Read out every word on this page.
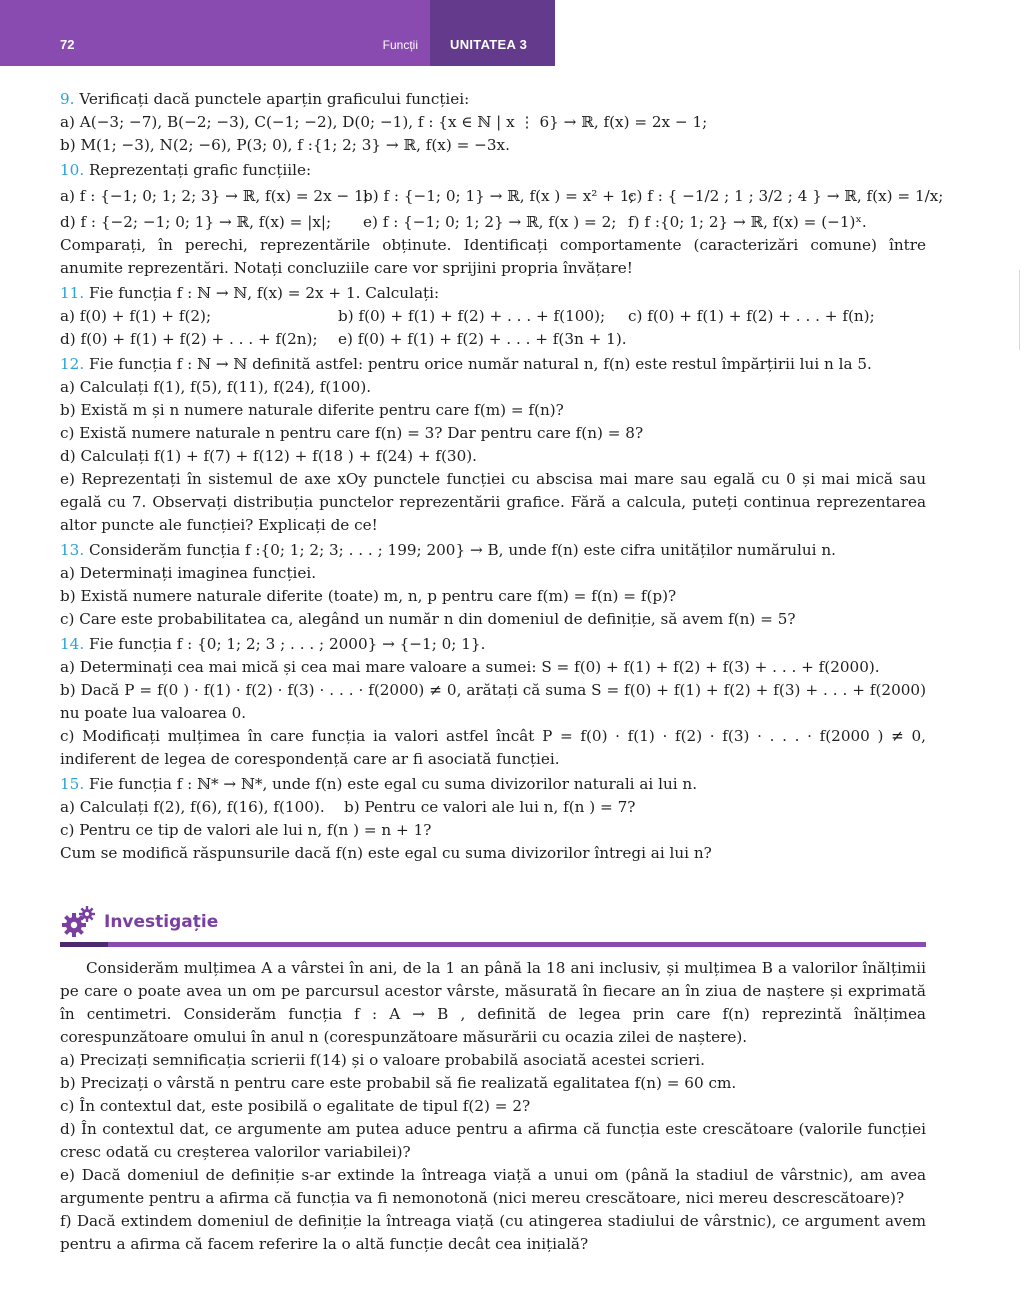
72	Funcții UNITATEA 3

9. Verificați dacă punctele aparțin graficului funcției:

a) A(−3; −7), B(−2; −3), C(−1; −2), D(0; −1), f : {x ∈ ℕ | x ⋮ 6} → ℝ, f(x) = 2x − 1;

b) M(1; −3), N(2; −6), P(3; 0), f :{1; 2; 3} → ℝ, f(x) = −3x.

10. Reprezentați grafic funcțiile:

a) f : {−1; 0; 1; 2; 3} → ℝ, f(x) = 2x − 1;
b) f : {−1; 0; 1} → ℝ, f(x ) = x² + 1;
c) f : { −1/2 ; 1 ; 3/2 ; 4 } → ℝ, f(x) = 1/x;
d) f : {−2; −1; 0; 1} → ℝ, f(x) = |x|;	e) f : {−1; 0; 1; 2} → ℝ, f(x ) = 2; f) f :{0; 1; 2} → ℝ, f(x) = (−1)ˣ.

Comparați, în perechi, reprezentările obținute. Identificați comportamente (caracterizări comune) între anumite reprezentări. Notați concluziile care vor sprijini propria învățare!

11. Fie funcția f : ℕ → ℕ, f(x) = 2x + 1. Calculați:

a) f(0) + f(1) + f(2);	b) f(0) + f(1) + f(2) + . . . + f(100);	c) f(0) + f(1) + f(2) + . . . + f(n);
d) f(0) + f(1) + f(2) + . . . + f(2n);	e) f(0) + f(1) + f(2) + . . . + f(3n + 1).

12. Fie funcția f : ℕ → ℕ definită astfel: pentru orice număr natural n, f(n) este restul împărțirii lui n la 5.

a) Calculați f(1), f(5), f(11), f(24), f(100).

b) Există m și n numere naturale diferite pentru care f(m) = f(n)?

c) Există numere naturale n pentru care f(n) = 3? Dar pentru care f(n) = 8?

d) Calculați f(1) + f(7) + f(12) + f(18 ) + f(24) + f(30).

e) Reprezentați în sistemul de axe xOy punctele funcției cu abscisa mai mare sau egală cu 0 și mai mică sau egală cu 7. Observați distribuția punctelor reprezentării grafice. Fără a calcula, puteți continua reprezentarea altor puncte ale funcției? Explicați de ce!

13. Considerăm funcția f :{0; 1; 2; 3; . . . ; 199; 200} → B, unde f(n) este cifra unităților numărului n.

a) Determinați imaginea funcției.

b) Există numere naturale diferite (toate) m, n, p pentru care f(m) = f(n) = f(p)?

c) Care este probabilitatea ca, alegând un număr n din domeniul de definiție, să avem f(n) = 5?

14. Fie funcția f : {0; 1; 2; 3 ; . . . ; 2000} → {−1; 0; 1}.

a) Determinați cea mai mică și cea mai mare valoare a sumei: S = f(0) + f(1) + f(2) + f(3) + . . . + f(2000).

b) Dacă P = f(0 ) · f(1) · f(2) · f(3) · . . . · f(2000) ≠ 0, arătați că suma S = f(0) + f(1) + f(2) + f(3) + . . . + f(2000) nu poate lua valoarea 0.

c) Modificați mulțimea în care funcția ia valori astfel încât P = f(0) · f(1) · f(2) · f(3) · . . . · f(2000 ) ≠ 0, indiferent de legea de corespondență care ar fi asociată funcției.

15. Fie funcția f : ℕ* → ℕ*, unde f(n) este egal cu suma divizorilor naturali ai lui n.

a) Calculați f(2), f(6), f(16), f(100). b) Pentru ce valori ale lui n, f(n ) = 7?

c) Pentru ce tip de valori ale lui n, f(n ) = n + 1?

Cum se modifică răspunsurile dacă f(n) este egal cu suma divizorilor întregi ai lui n?

Investigație

Considerăm mulțimea A a vârstei în ani, de la 1 an până la 18 ani inclusiv, și mulțimea B a valorilor înălțimii pe care o poate avea un om pe parcursul acestor vârste, măsurată în fiecare an în ziua de naștere și exprimată în centimetri. Considerăm funcția f : A → B , definită de legea prin care f(n) reprezintă înălțimea corespunzătoare omului în anul n (corespunzătoare măsurării cu ocazia zilei de naștere).

a) Precizați semnificația scrierii f(14) și o valoare probabilă asociată acestei scrieri.

b) Precizați o vârstă n pentru care este probabil să fie realizată egalitatea f(n) = 60 cm.

c) În contextul dat, este posibilă o egalitate de tipul f(2) = 2?

d) În contextul dat, ce argumente am putea aduce pentru a afirma că funcția este crescătoare (valorile funcției cresc odată cu creșterea valorilor variabilei)?

e) Dacă domeniul de definiție s-ar extinde la întreaga viață a unui om (până la stadiul de vârstnic), am avea argumente pentru a afirma că funcția va fi nemonotonă (nici mereu crescătoare, nici mereu descrescătoare)?

f) Dacă extindem domeniul de definiție la întreaga viață (cu atingerea stadiului de vârstnic), ce argument avem pentru a afirma că facem referire la o altă funcție decât cea inițială?
